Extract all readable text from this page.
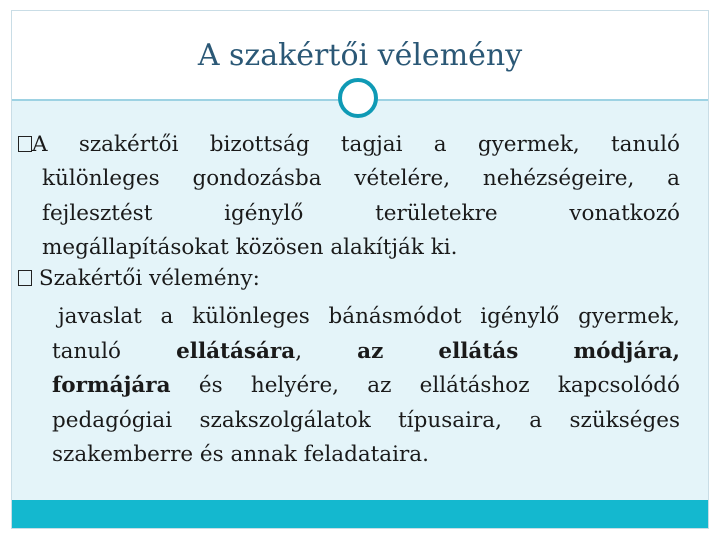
A szakértői vélemény
A szakértői bizottság tagjai a gyermek, tanuló
különleges gondozásba vételére, nehézségeire, a
fejlesztést igénylő területekre vonatkozó
megállapításokat közösen alakítják ki.
Szakértői vélemény:
javaslat a különleges bánásmódot igénylő gyermek,
tanuló	ellátására,	az	ellátás	módjára,
formájára és helyére, az ellátáshoz kapcsolódó
pedagógiai szakszolgálatok típusaira, a szükséges
szakemberre és annak feladataira.
